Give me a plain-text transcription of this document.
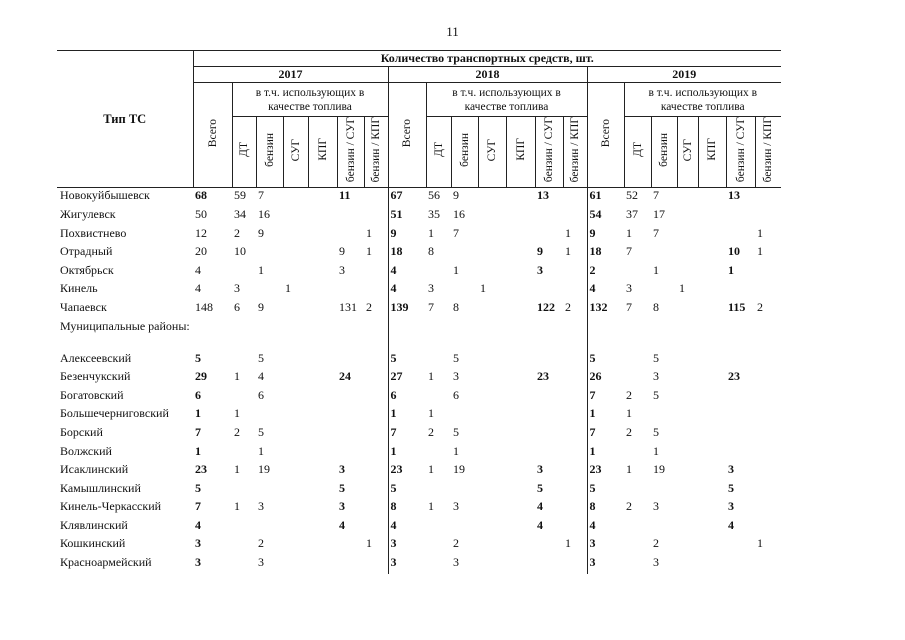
11
Тип ТС	Количество транспортных средств, шт.																				
	2017							2018							2019						
	Всего	в т.ч. использующих в качестве топлива						Всего	в т.ч. использующих в качестве топлива						Всего	в т.ч. использующих в качестве топлива					
		ДТ	бензин	СУГ	КПГ	бензин / СУГ	бензин / КПГ		ДТ	бензин	СУГ	КПГ	бензин / СУГ	бензин / КПГ		ДТ	бензин	СУГ	КПГ	бензин / СУГ	бензин / КПГ
Новокуйбышевск	68	59	7			11		67	56	9			13		61	52	7			13	
Жигулевск	50	34	16					51	35	16					54	37	17				
Похвистнево	12	2	9				1	9	1	7				1	9	1	7				1
Отрадный	20	10				9	1	18	8				9	1	18	7				10	1
Октябрьск	4		1			3		4		1			3		2		1			1	
Кинель	4	3		1				4	3		1				4	3		1			
Чапаевск	148	6	9			131	2	139	7	8			122	2	132	7	8			115	2
Муниципальные районы:																					
Алексеевский	5		5					5		5					5		5				
Безенчукский	29	1	4			24		27	1	3			23		26		3			23	
Богатовский	6		6					6		6					7	2	5				
Большечерниговский	1	1						1	1						1	1					
Борский	7	2	5					7	2	5					7	2	5				
Волжский	1		1					1		1					1		1				
Исаклинский	23	1	19			3		23	1	19			3		23	1	19			3	
Камышлинский	5					5		5					5		5					5	
Кинель-Черкасский	7	1	3			3		8	1	3			4		8	2	3			3	
Клявлинский	4					4		4					4		4					4	
Кошкинский	3		2				1	3		2				1	3		2				1
Красноармейский	3		3					3		3					3		3				
